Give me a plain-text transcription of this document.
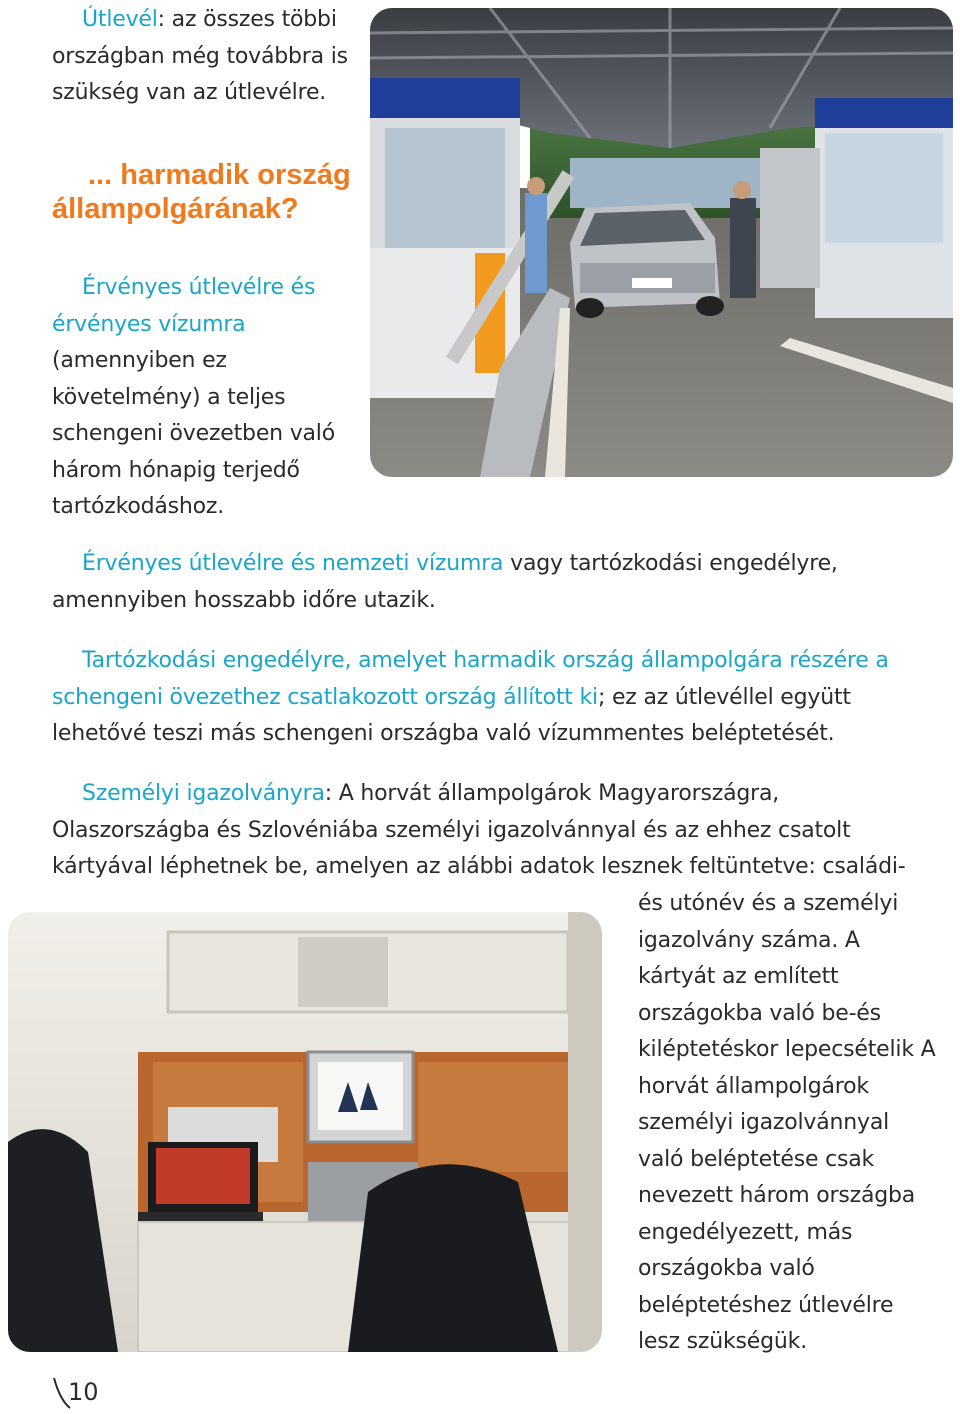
Útlevél: az összes többi országban még továbbra is szükség van az útlevélre.
... harmadik ország állampolgárának?
Érvényes útlevélre és érvényes vízumra (amennyiben ez követelmény) a teljes schengeni övezetben való három hónapig terjedő tartózkodáshoz.
Érvényes útlevélre és nemzeti vízumra vagy tartózkodási engedélyre, amennyiben hosszabb időre utazik.
Tartózkodási engedélyre, amelyet harmadik ország állampolgára részére a schengeni övezethez csatlakozott ország állított ki; ez az útlevéllel együtt lehetővé teszi más schengeni országba való vízummentes beléptetését.
Személyi igazolványra: A horvát állampolgárok Magyarországra, Olaszországba és Szlovéniába személyi igazolvánnyal és az ehhez csatolt kártyával léphetnek be, amelyen az alábbi adatok lesznek feltüntetve: családi-
és utónév és a személyi igazolvány száma. A kártyát az említett országokba való be-és kiléptetéskor lepecsételik A horvát állampolgárok személyi igazolvánnyal való beléptetése csak nevezett három országba engedélyezett, más országokba való beléptetéshez útlevélre lesz szükségük.
10
